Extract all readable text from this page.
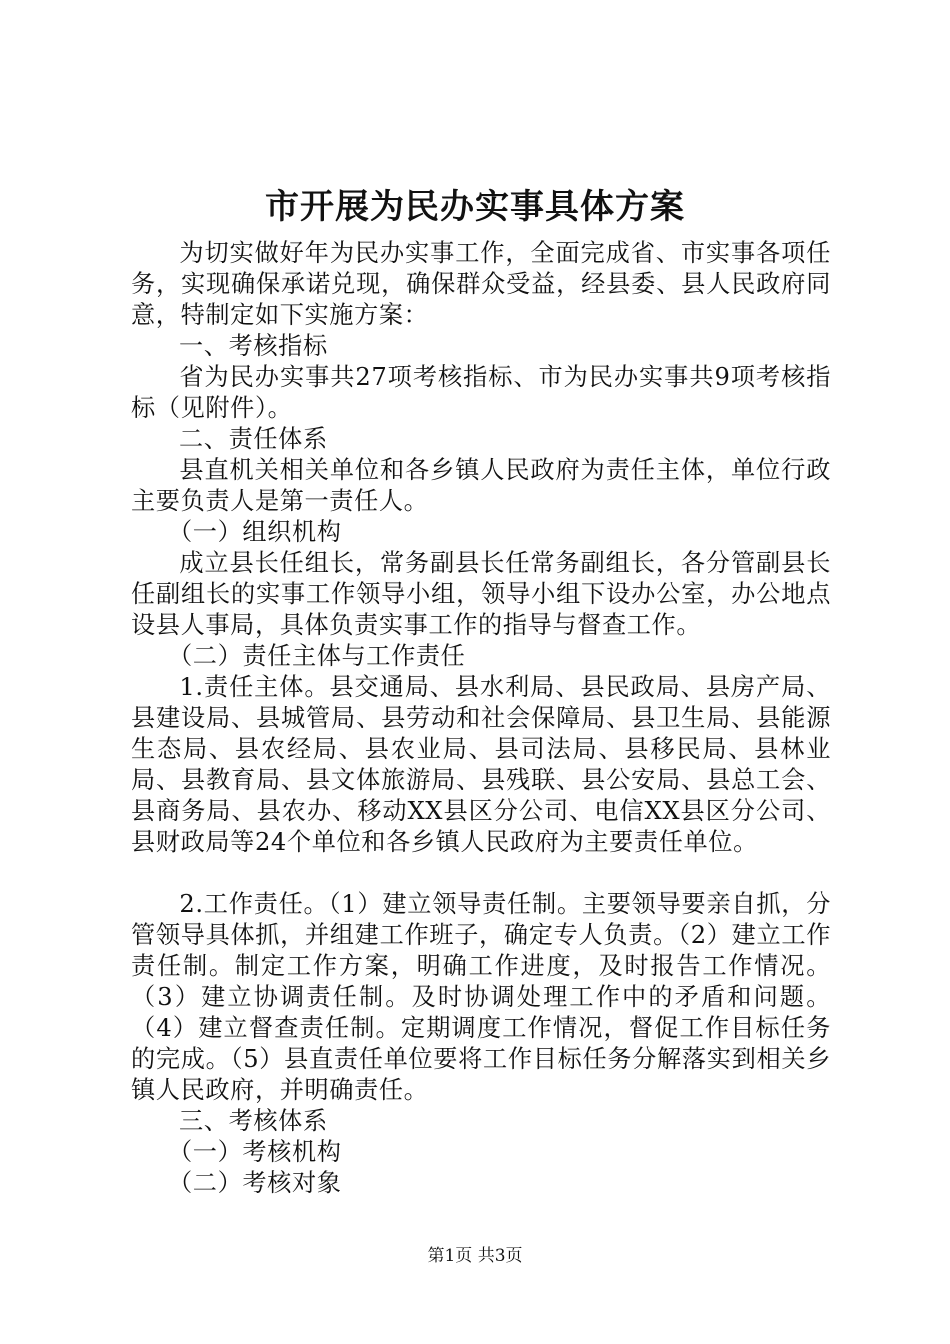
市开展为民办实事具体方案

为切实做好年为民办实事工作，全面完成省、市实事各项任务，实现确保承诺兑现，确保群众受益，经县委、县人民政府同意，特制定如下实施方案：

一、考核指标

省为民办实事共27项考核指标、市为民办实事共9项考核指标（见附件）。

二、责任体系

县直机关相关单位和各乡镇人民政府为责任主体，单位行政主要负责人是第一责任人。

（一）组织机构

成立县长任组长，常务副县长任常务副组长，各分管副县长任副组长的实事工作领导小组，领导小组下设办公室，办公地点设县人事局，具体负责实事工作的指导与督查工作。

（二）责任主体与工作责任

1.责任主体。县交通局、县水利局、县民政局、县房产局、县建设局、县城管局、县劳动和社会保障局、县卫生局、县能源生态局、县农经局、县农业局、县司法局、县移民局、县林业局、县教育局、县文体旅游局、县残联、县公安局、县总工会、县商务局、县农办、移动XX县区分公司、电信XX县区分公司、县财政局等24个单位和各乡镇人民政府为主要责任单位。

2.工作责任。（1）建立领导责任制。主要领导要亲自抓，分管领导具体抓，并组建工作班子，确定专人负责。（2）建立工作责任制。制定工作方案，明确工作进度，及时报告工作情况。（3）建立协调责任制。及时协调处理工作中的矛盾和问题。（4）建立督查责任制。定期调度工作情况，督促工作目标任务的完成。（5）县直责任单位要将工作目标任务分解落实到相关乡镇人民政府，并明确责任。

三、考核体系

（一）考核机构

（二）考核对象

第1页 共3页
